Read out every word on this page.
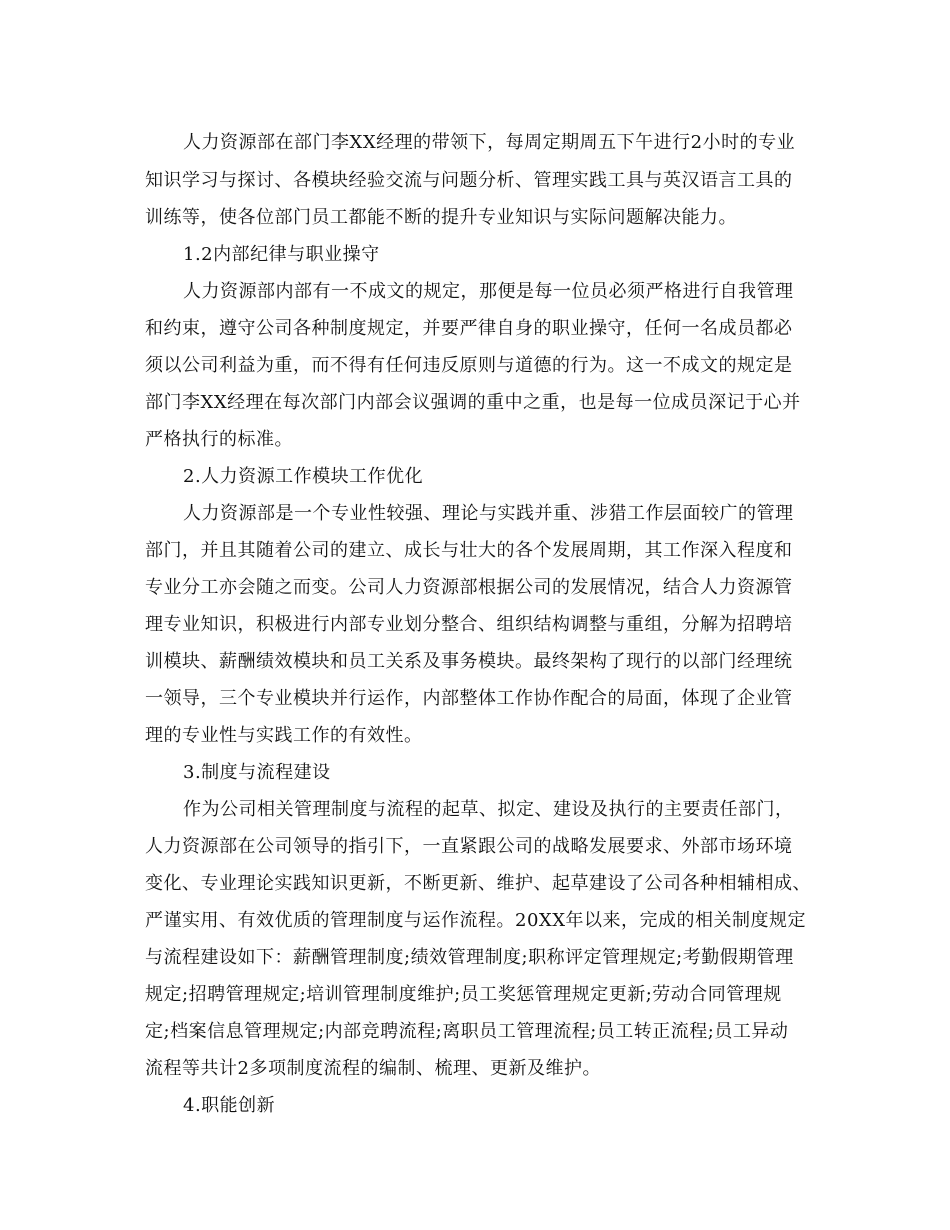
人力资源部在部门李XX经理的带领下，每周定期周五下午进行2小时的专业

知识学习与探讨、各模块经验交流与问题分析、管理实践工具与英汉语言工具的

训练等，使各位部门员工都能不断的提升专业知识与实际问题解决能力。

1.2内部纪律与职业操守

人力资源部内部有一不成文的规定，那便是每一位员必须严格进行自我管理

和约束，遵守公司各种制度规定，并要严律自身的职业操守，任何一名成员都必

须以公司利益为重，而不得有任何违反原则与道德的行为。这一不成文的规定是

部门李XX经理在每次部门内部会议强调的重中之重，也是每一位成员深记于心并

严格执行的标准。

2.人力资源工作模块工作优化

人力资源部是一个专业性较强、理论与实践并重、涉猎工作层面较广的管理

部门，并且其随着公司的建立、成长与壮大的各个发展周期，其工作深入程度和

专业分工亦会随之而变。公司人力资源部根据公司的发展情况，结合人力资源管

理专业知识，积极进行内部专业划分整合、组织结构调整与重组，分解为招聘培

训模块、薪酬绩效模块和员工关系及事务模块。最终架构了现行的以部门经理统

一领导，三个专业模块并行运作，内部整体工作协作配合的局面，体现了企业管

理的专业性与实践工作的有效性。

3.制度与流程建设

作为公司相关管理制度与流程的起草、拟定、建设及执行的主要责任部门，

人力资源部在公司领导的指引下，一直紧跟公司的战略发展要求、外部市场环境

变化、专业理论实践知识更新，不断更新、维护、起草建设了公司各种相辅相成、

严谨实用、有效优质的管理制度与运作流程。20XX年以来，完成的相关制度规定

与流程建设如下：薪酬管理制度;绩效管理制度;职称评定管理规定;考勤假期管理

规定;招聘管理规定;培训管理制度维护;员工奖惩管理规定更新;劳动合同管理规

定;档案信息管理规定;内部竞聘流程;离职员工管理流程;员工转正流程;员工异动

流程等共计2多项制度流程的编制、梳理、更新及维护。

4.职能创新
